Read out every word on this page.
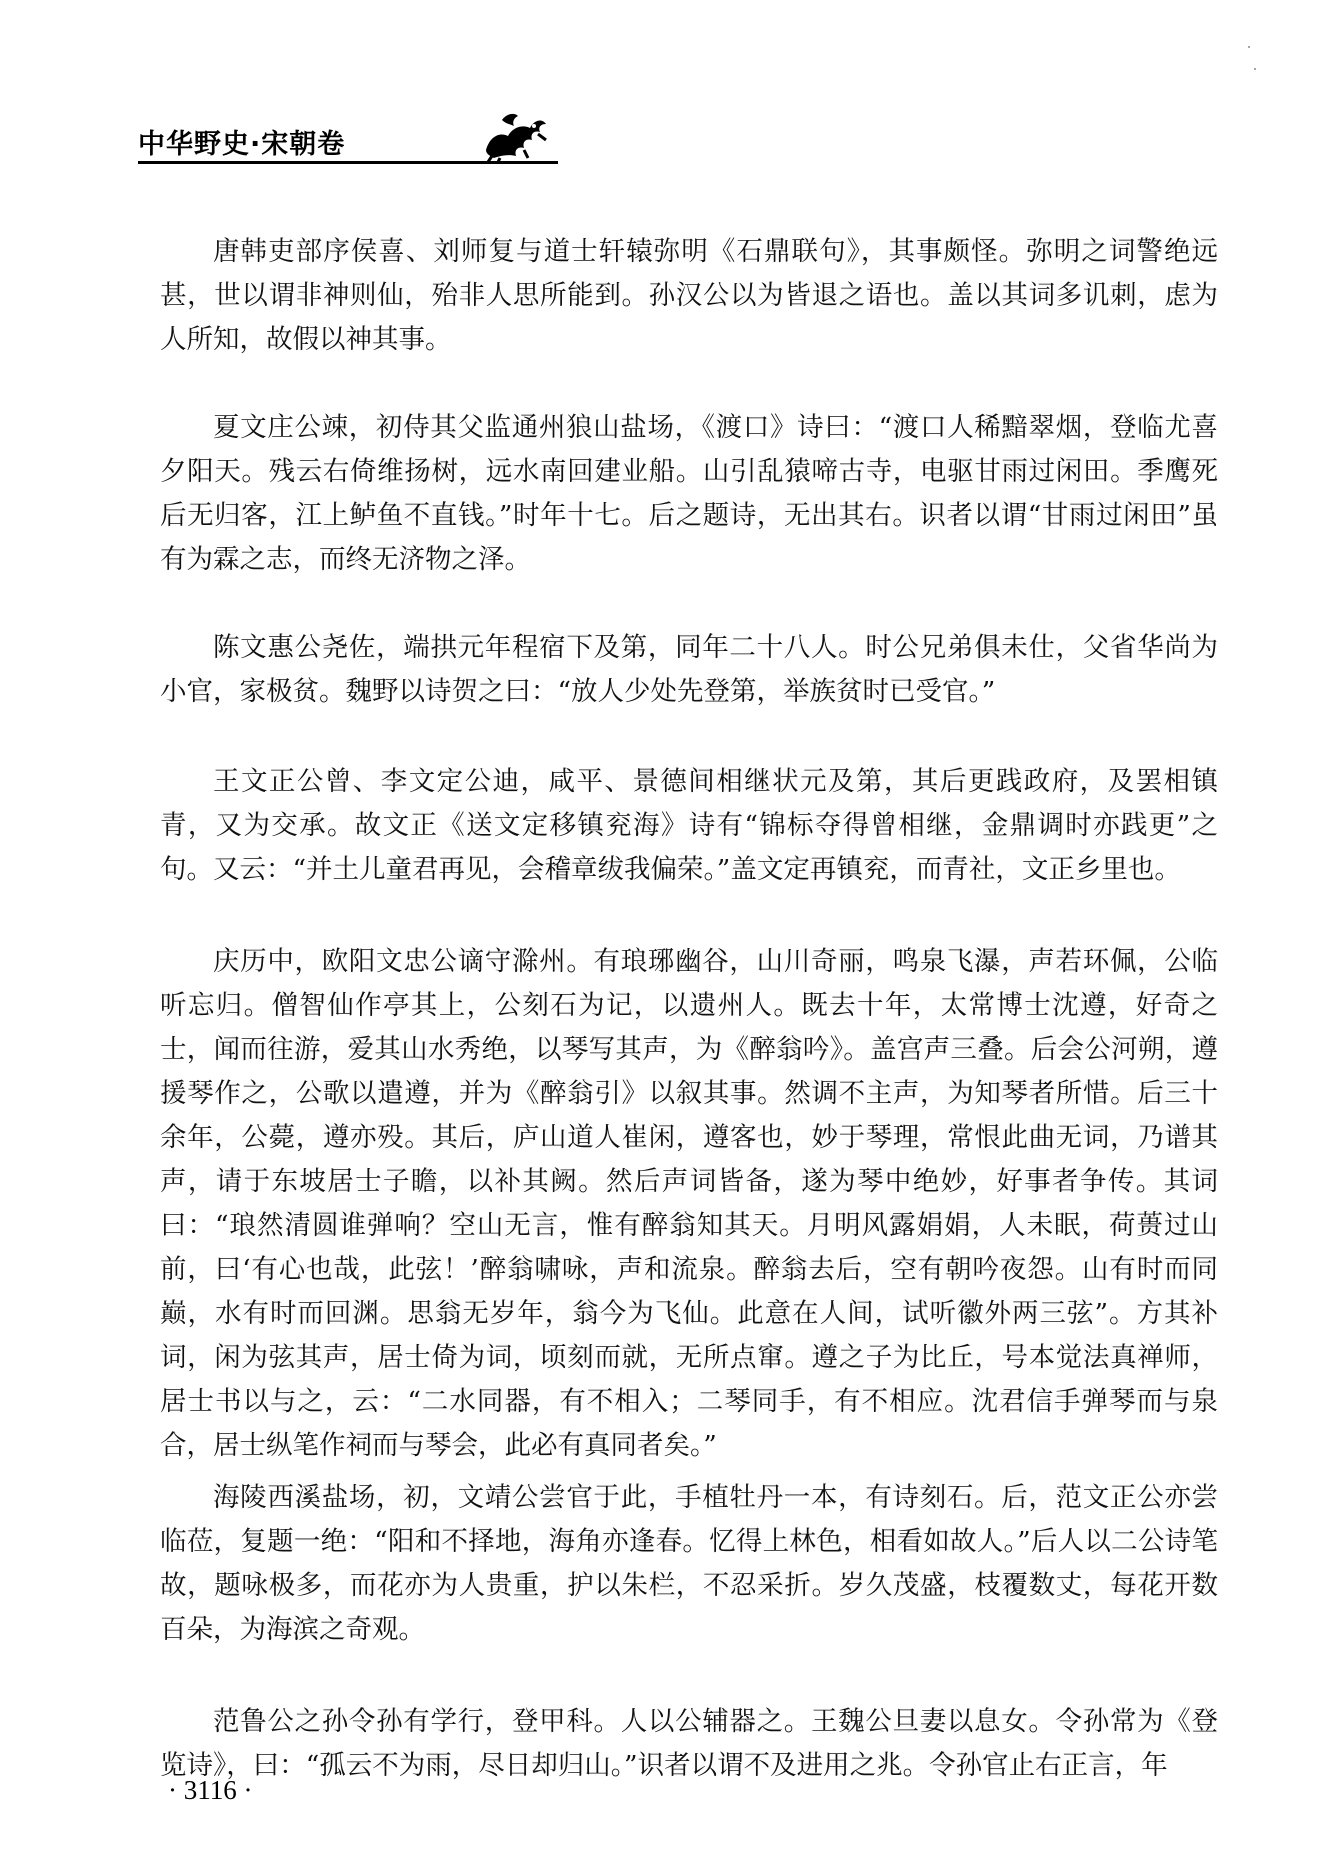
中华野史·宋朝卷

唐韩吏部序侯喜、刘师复与道士轩辕弥明《石鼎联句》，其事颇怪。弥明之词警绝远甚，世以谓非神则仙，殆非人思所能到。孙汉公以为皆退之语也。盖以其词多讥刺，虑为人所知，故假以神其事。

夏文庄公竦，初侍其父监通州狼山盐场，《渡口》诗曰：“渡口人稀黯翠烟，登临尤喜夕阳天。残云右倚维扬树，远水南回建业船。山引乱猿啼古寺，电驱甘雨过闲田。季鹰死后无归客，江上鲈鱼不直钱。”时年十七。后之题诗，无出其右。识者以谓“甘雨过闲田”虽有为霖之志，而终无济物之泽。

陈文惠公尧佐，端拱元年程宿下及第，同年二十八人。时公兄弟俱未仕，父省华尚为小官，家极贫。魏野以诗贺之曰：“放人少处先登第，举族贫时已受官。”

王文正公曾、李文定公迪，咸平、景德间相继状元及第，其后更践政府，及罢相镇青，又为交承。故文正《送文定移镇兖海》诗有“锦标夺得曾相继，金鼎调时亦践更”之句。又云：“并土儿童君再见，会稽章绂我偏荣。”盖文定再镇兖，而青社，文正乡里也。

庆历中，欧阳文忠公谪守滁州。有琅琊幽谷，山川奇丽，鸣泉飞瀑，声若环佩，公临听忘归。僧智仙作亭其上，公刻石为记，以遗州人。既去十年，太常博士沈遵，好奇之士，闻而往游，爱其山水秀绝，以琴写其声，为《醉翁吟》。盖宫声三叠。后会公河朔，遵援琴作之，公歌以遣遵，并为《醉翁引》以叙其事。然调不主声，为知琴者所惜。后三十余年，公薨，遵亦殁。其后，庐山道人崔闲，遵客也，妙于琴理，常恨此曲无词，乃谱其声，请于东坡居士子瞻，以补其阙。然后声词皆备，遂为琴中绝妙，好事者争传。其词曰：“琅然清圆谁弹响？空山无言，惟有醉翁知其天。月明风露娟娟，人未眠，荷蒉过山前，曰‘有心也哉，此弦！’醉翁啸咏，声和流泉。醉翁去后，空有朝吟夜怨。山有时而同巅，水有时而回渊。思翁无岁年，翁今为飞仙。此意在人间，试听徽外两三弦”。方其补词，闲为弦其声，居士倚为词，顷刻而就，无所点窜。遵之子为比丘，号本觉法真禅师，居士书以与之，云：“二水同器，有不相入；二琴同手，有不相应。沈君信手弹琴而与泉合，居士纵笔作祠而与琴会，此必有真同者矣。”

海陵西溪盐场，初，文靖公尝官于此，手植牡丹一本，有诗刻石。后，范文正公亦尝临莅，复题一绝：“阳和不择地，海角亦逢春。忆得上林色，相看如故人。”后人以二公诗笔故，题咏极多，而花亦为人贵重，护以朱栏，不忍采折。岁久茂盛，枝覆数丈，每花开数百朵，为海滨之奇观。

范鲁公之孙令孙有学行，登甲科。人以公辅器之。王魏公旦妻以息女。令孙常为《登览诗》，曰：“孤云不为雨，尽日却归山。”识者以谓不及进用之兆。令孙官止右正言，年

· 3116 ·
